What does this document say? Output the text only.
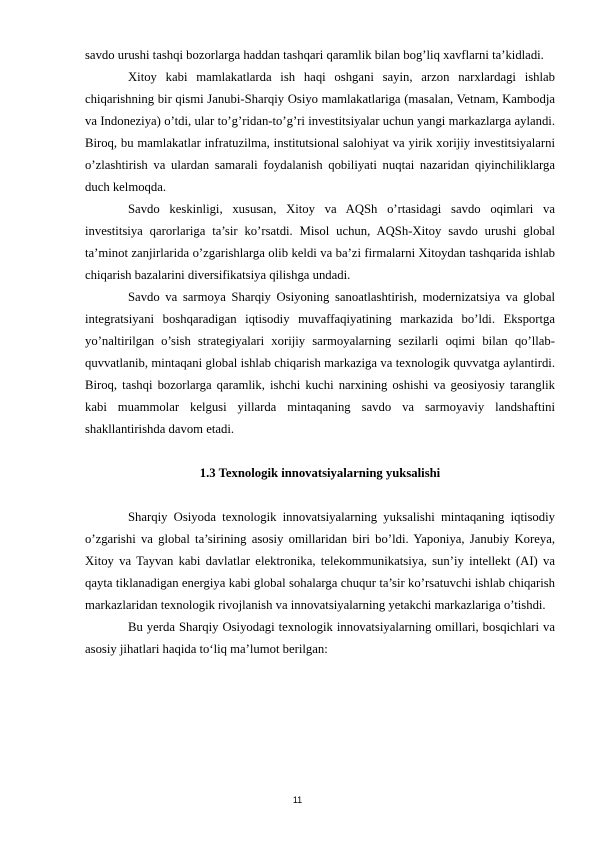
savdo urushi tashqi bozorlarga haddan tashqari qaramlik bilan bog’liq xavflarni ta’kidladi.

Xitoy kabi mamlakatlarda ish haqi oshgani sayin, arzon narxlardagi ishlab chiqarishning bir qismi Janubi-Sharqiy Osiyo mamlakatlariga (masalan, Vetnam, Kambodja va Indoneziya) o’tdi, ular to’g’ridan-to’g’ri investitsiyalar uchun yangi markazlarga aylandi. Biroq, bu mamlakatlar infratuzilma, institutsional salohiyat va yirik xorijiy investitsiyalarni o’zlashtirish va ulardan samarali foydalanish qobiliyati nuqtai nazaridan qiyinchiliklarga duch kelmoqda.

Savdo keskinligi, xususan, Xitoy va AQSh o’rtasidagi savdo oqimlari va investitsiya qarorlariga ta’sir ko’rsatdi. Misol uchun, AQSh-Xitoy savdo urushi global ta’minot zanjirlarida o’zgarishlarga olib keldi va ba’zi firmalarni Xitoydan tashqarida ishlab chiqarish bazalarini diversifikatsiya qilishga undadi.

Savdo va sarmoya Sharqiy Osiyoning sanoatlashtirish, modernizatsiya va global integratsiyani boshqaradigan iqtisodiy muvaffaqiyatining markazida bo’ldi. Eksportga yo’naltirilgan o’sish strategiyalari xorijiy sarmoyalarning sezilarli oqimi bilan qo’llab-quvvatlanib, mintaqani global ishlab chiqarish markaziga va texnologik quvvatga aylantirdi. Biroq, tashqi bozorlarga qaramlik, ishchi kuchi narxining oshishi va geosiyosiy taranglik kabi muammolar kelgusi yillarda mintaqaning savdo va sarmoyaviy landshaftini shakllantirishda davom etadi.

1.3 Texnologik innovatsiyalarning yuksalishi

Sharqiy Osiyoda texnologik innovatsiyalarning yuksalishi mintaqaning iqtisodiy o’zgarishi va global ta’sirining asosiy omillaridan biri bo’ldi. Yaponiya, Janubiy Koreya, Xitoy va Tayvan kabi davlatlar elektronika, telekommunikatsiya, sun’iy intellekt (AI) va qayta tiklanadigan energiya kabi global sohalarga chuqur ta’sir ko’rsatuvchi ishlab chiqarish markazlaridan texnologik rivojlanish va innovatsiyalarning yetakchi markazlariga o’tishdi.

Bu yerda Sharqiy Osiyodagi texnologik innovatsiyalarning omillari, bosqichlari va asosiy jihatlari haqida to‘liq ma’lumot berilgan:

11
